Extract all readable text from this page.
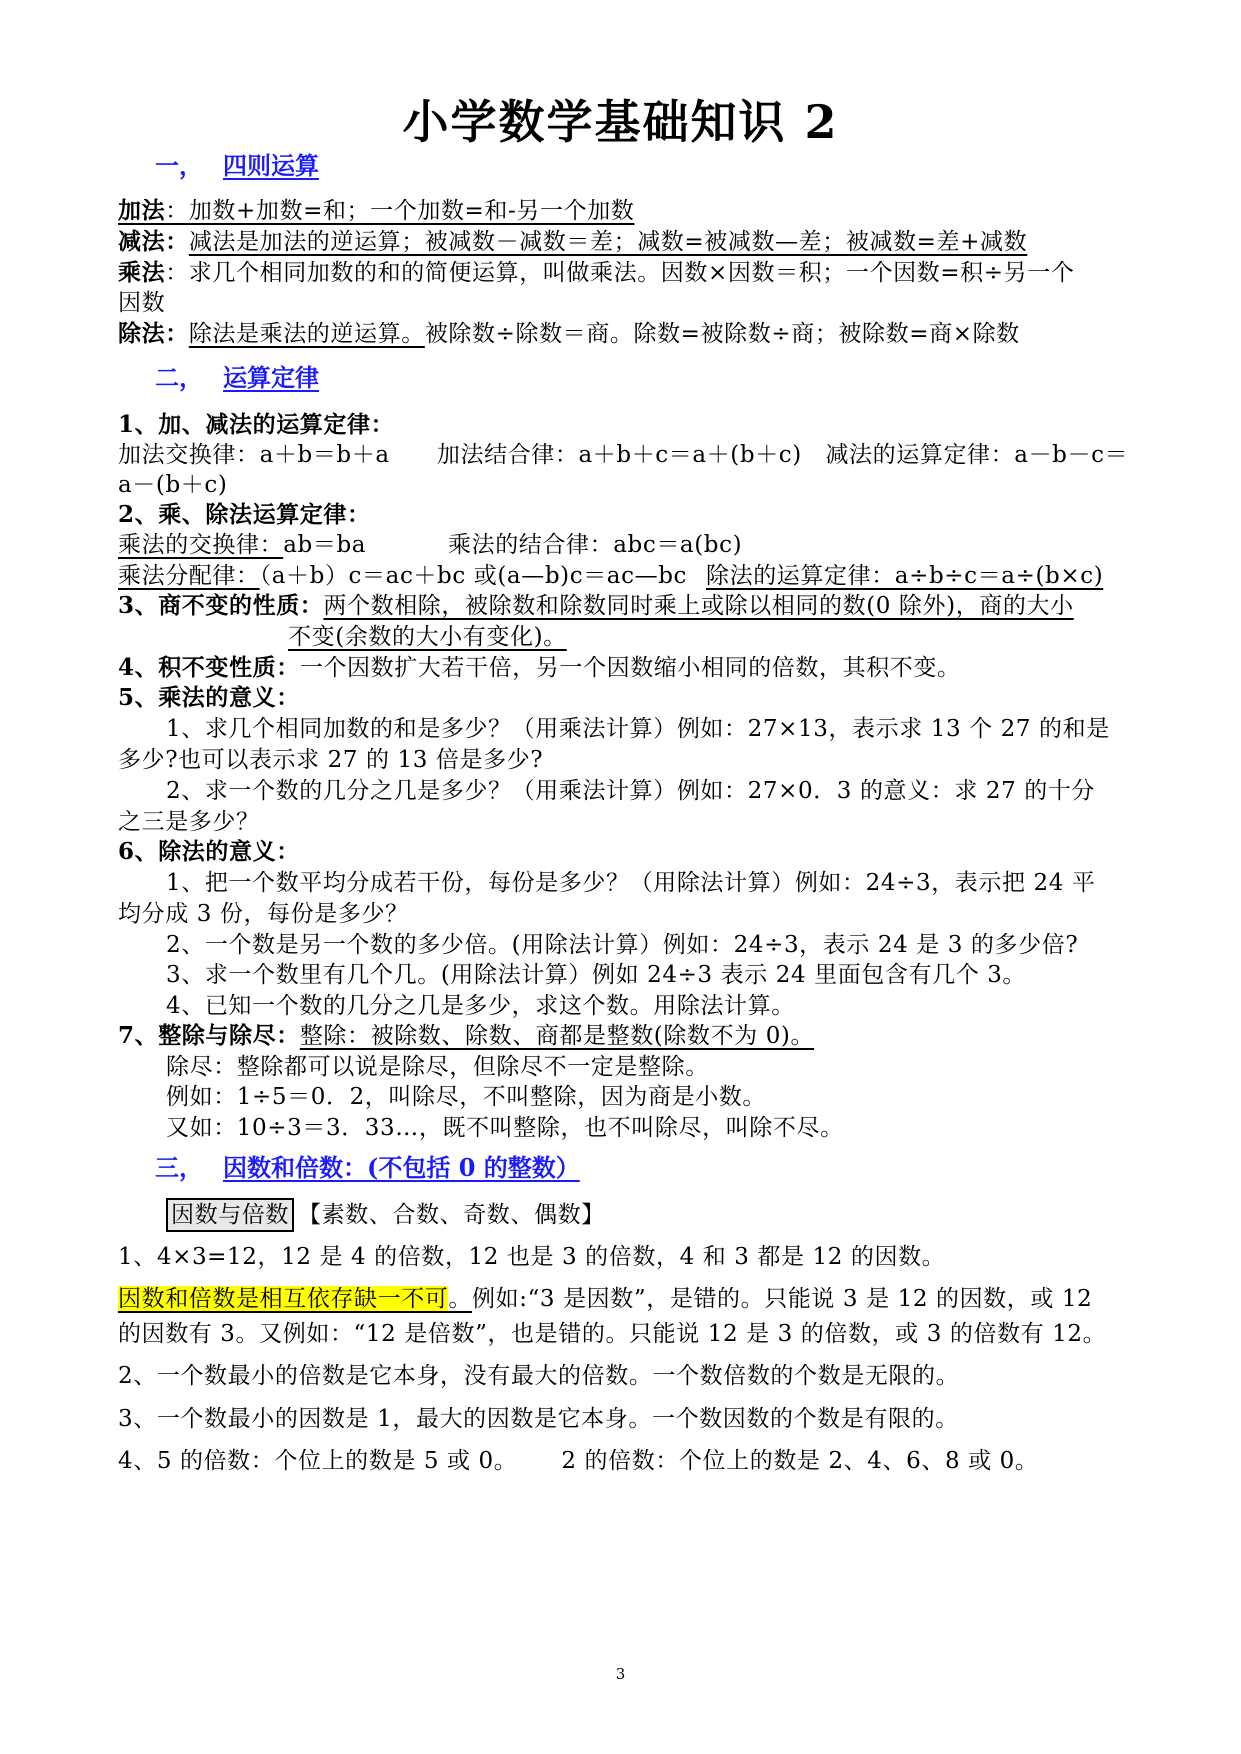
小学数学基础知识 2
一， 四则运算
加法：加数+加数=和；一个加数=和-另一个加数
减法：减法是加法的逆运算；被减数－减数＝差；减数=被减数—差；被减数=差+减数
乘法：求几个相同加数的和的简便运算，叫做乘法。因数×因数＝积；一个因数=积÷另一个
因数
除法：除法是乘法的逆运算。被除数÷除数＝商。除数=被除数÷商；被除数=商×除数
二， 运算定律
1、加、减法的运算定律：
加法交换律：a＋b＝b＋a　　加法结合律：a＋b＋c＝a＋(b＋c)　减法的运算定律：a－b－c＝
a－(b＋c)
2、乘、除法运算定律：
乘法的交换律：ab＝ba	乘法的结合律：abc＝a(bc)
乘法分配律：（a＋b）c＝ac＋bc 或(a—b)c＝ac—bc 除法的运算定律：a÷b÷c＝a÷(b×c)
3、商不变的性质：两个数相除，被除数和除数同时乘上或除以相同的数(0 除外)，商的大小
不变(余数的大小有变化)。
4、积不变性质：一个因数扩大若干倍，另一个因数缩小相同的倍数，其积不变。
5、乘法的意义：
1、求几个相同加数的和是多少？（用乘法计算）例如：27×13，表示求 13 个 27 的和是
多少?也可以表示求 27 的 13 倍是多少?
2、求一个数的几分之几是多少？（用乘法计算）例如：27×0．3 的意义：求 27 的十分
之三是多少？
6、除法的意义：
1、把一个数平均分成若干份，每份是多少？（用除法计算）例如：24÷3，表示把 24 平
均分成 3 份，每份是多少？
2、一个数是另一个数的多少倍。(用除法计算）例如：24÷3，表示 24 是 3 的多少倍?
3、求一个数里有几个几。(用除法计算）例如 24÷3 表示 24 里面包含有几个 3。
4、已知一个数的几分之几是多少，求这个数。用除法计算。
7、整除与除尽：整除：被除数、除数、商都是整数(除数不为 0)。
除尽：整除都可以说是除尽，但除尽不一定是整除。
例如：1÷5＝0．2，叫除尽，不叫整除，因为商是小数。
又如：10÷3＝3．33…，既不叫整除，也不叫除尽，叫除不尽。
三， 因数和倍数：(不包括 0 的整数）
因数与倍数 【素数、合数、奇数、偶数】
1、4×3=12，12 是 4 的倍数，12 也是 3 的倍数，4 和 3 都是 12 的因数。
因数和倍数是相互依存缺一不可。例如:“3 是因数”，是错的。只能说 3 是 12 的因数，或 12
的因数有 3。又例如：“12 是倍数”，也是错的。只能说 12 是 3 的倍数，或 3 的倍数有 12。
2、一个数最小的倍数是它本身，没有最大的倍数。一个数倍数的个数是无限的。
3、一个数最小的因数是 1，最大的因数是它本身。一个数因数的个数是有限的。
4、5 的倍数：个位上的数是 5 或 0。 2 的倍数：个位上的数是 2、4、6、8 或 0。
3
